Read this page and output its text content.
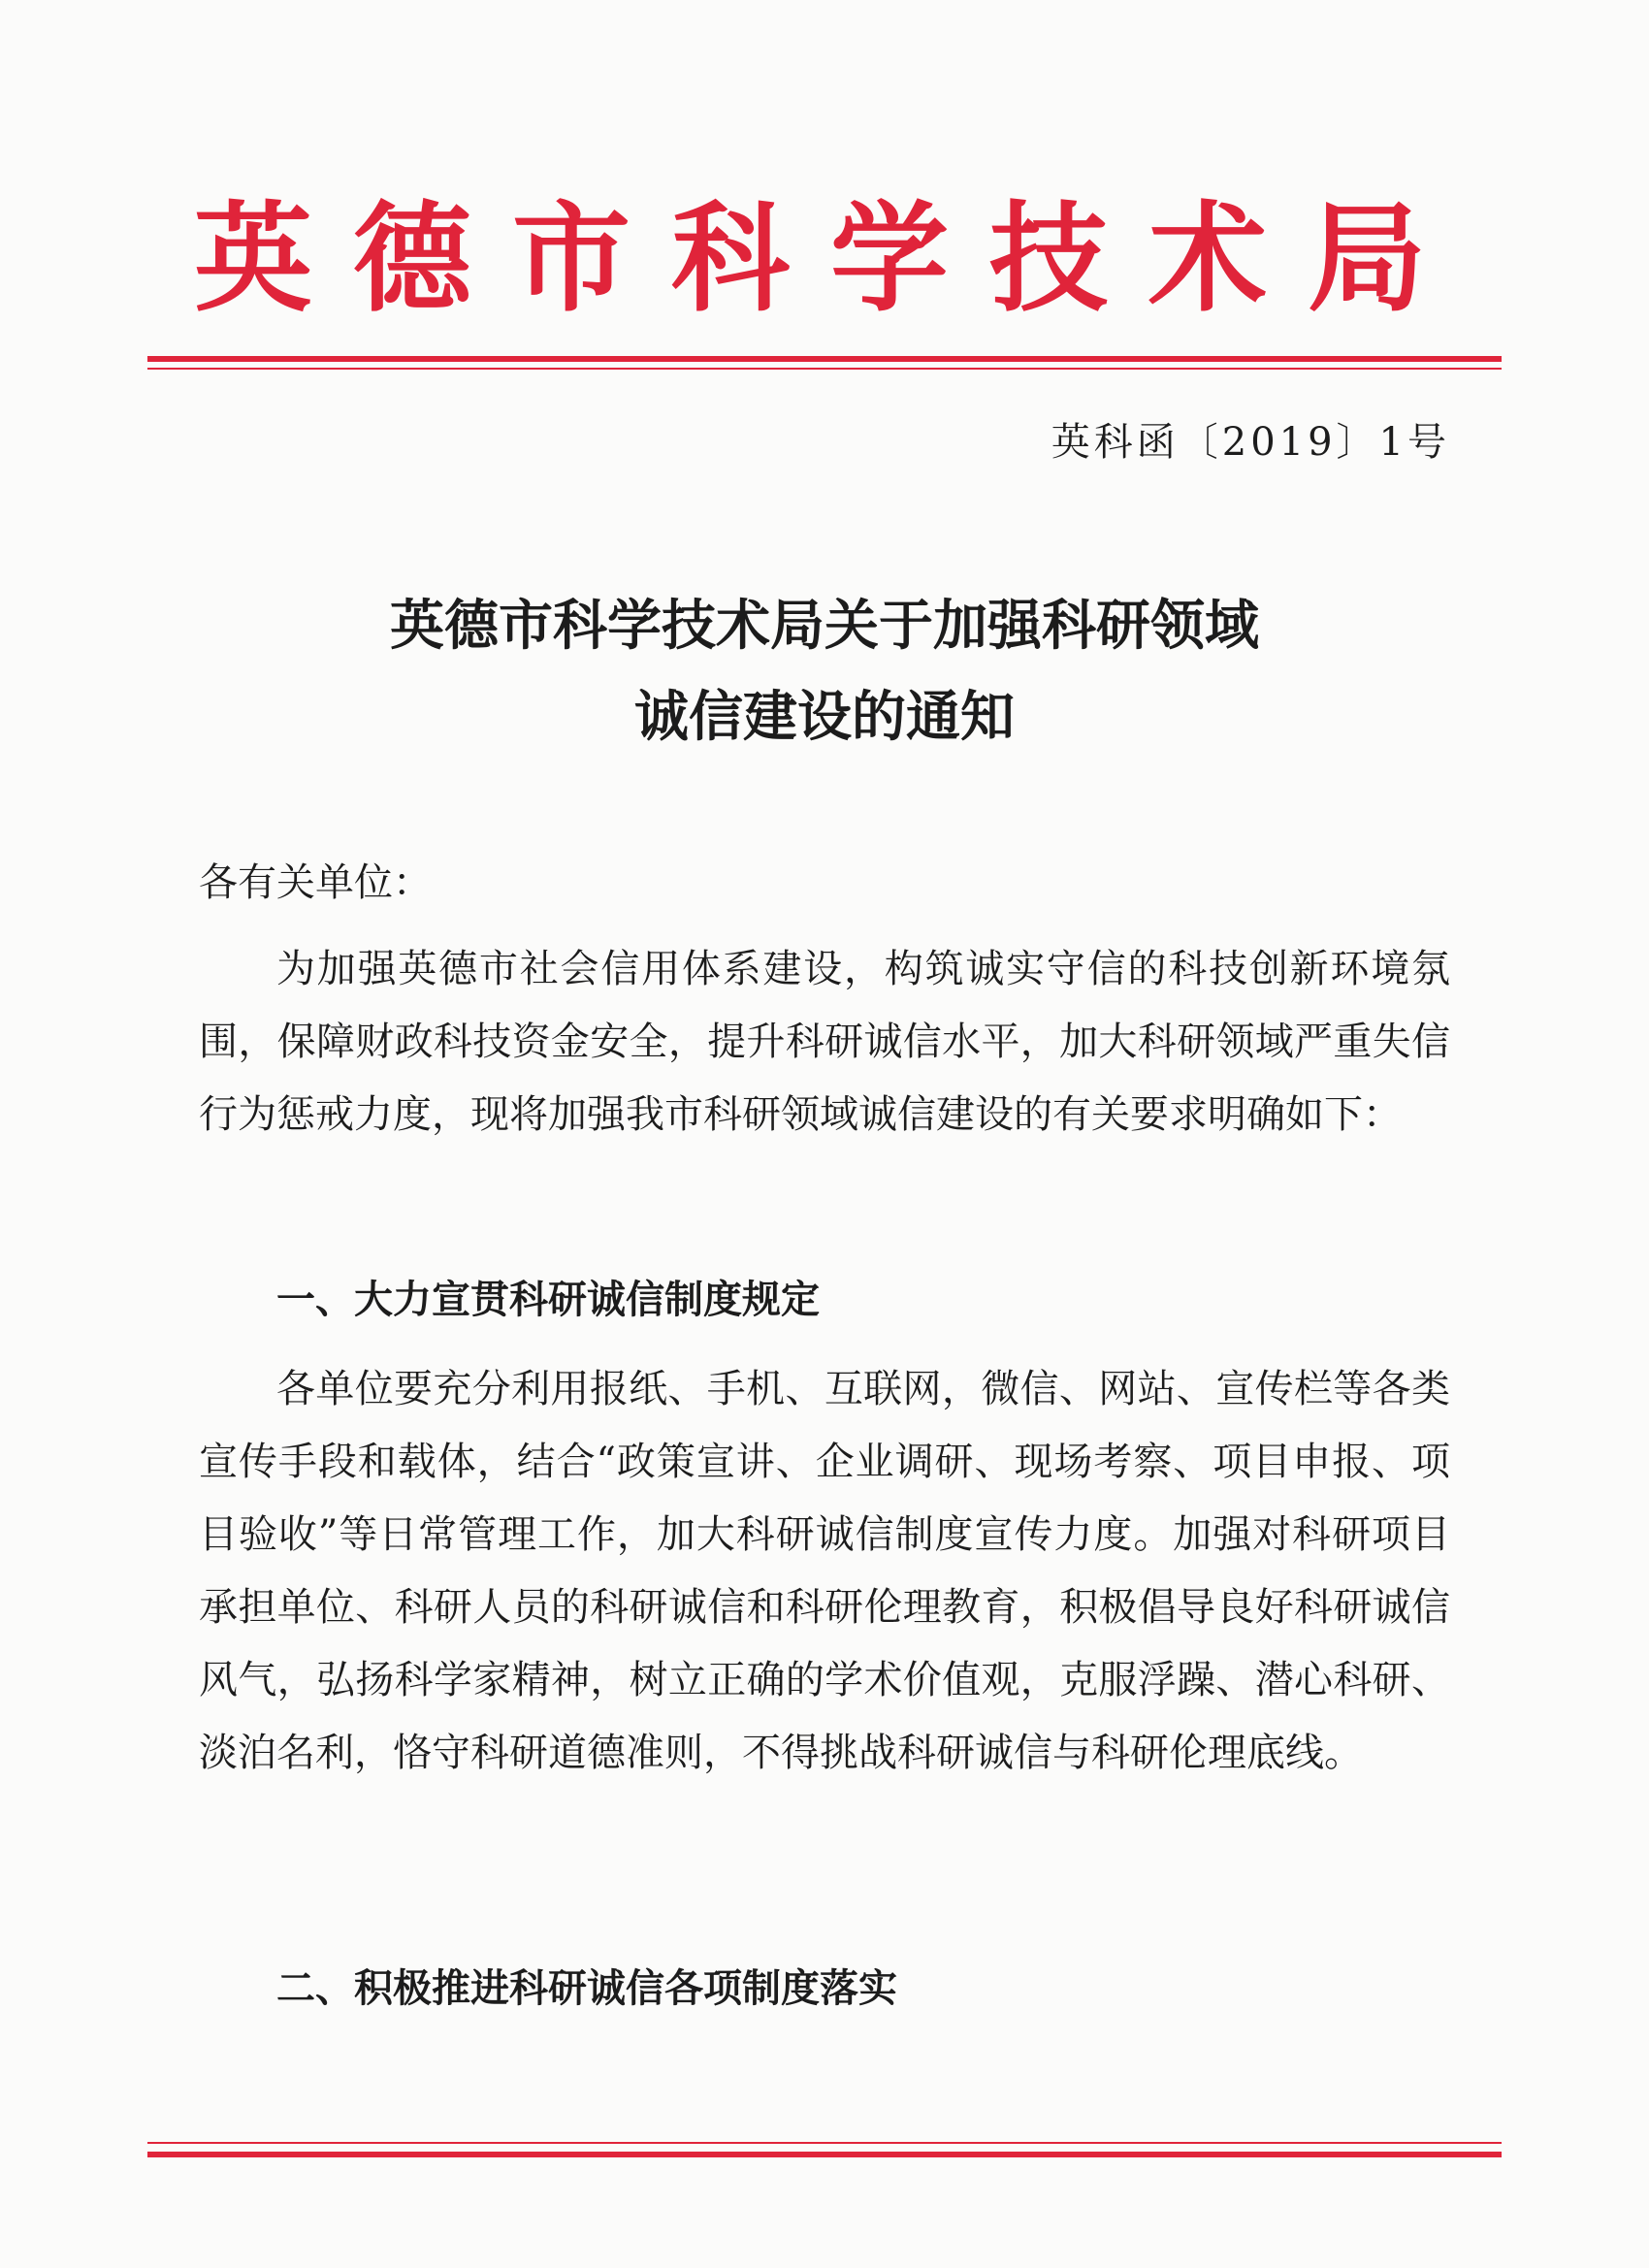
英德市科学技术局
英科函〔2019〕1号
英德市科学技术局关于加强科研领域
诚信建设的通知
各有关单位：

为加强英德市社会信用体系建设，构筑诚实守信的科技创新环境氛围，保障财政科技资金安全，提升科研诚信水平，加大科研领域严重失信行为惩戒力度，现将加强我市科研领域诚信建设的有关要求明确如下：

一、大力宣贯科研诚信制度规定

各单位要充分利用报纸、手机、互联网，微信、网站、宣传栏等各类宣传手段和载体，结合“政策宣讲、企业调研、现场考察、项目申报、项目验收”等日常管理工作，加大科研诚信制度宣传力度。加强对科研项目承担单位、科研人员的科研诚信和科研伦理教育，积极倡导良好科研诚信风气，弘扬科学家精神，树立正确的学术价值观，克服浮躁、潜心科研、淡泊名利，恪守科研道德准则，不得挑战科研诚信与科研伦理底线。

二、积极推进科研诚信各项制度落实
